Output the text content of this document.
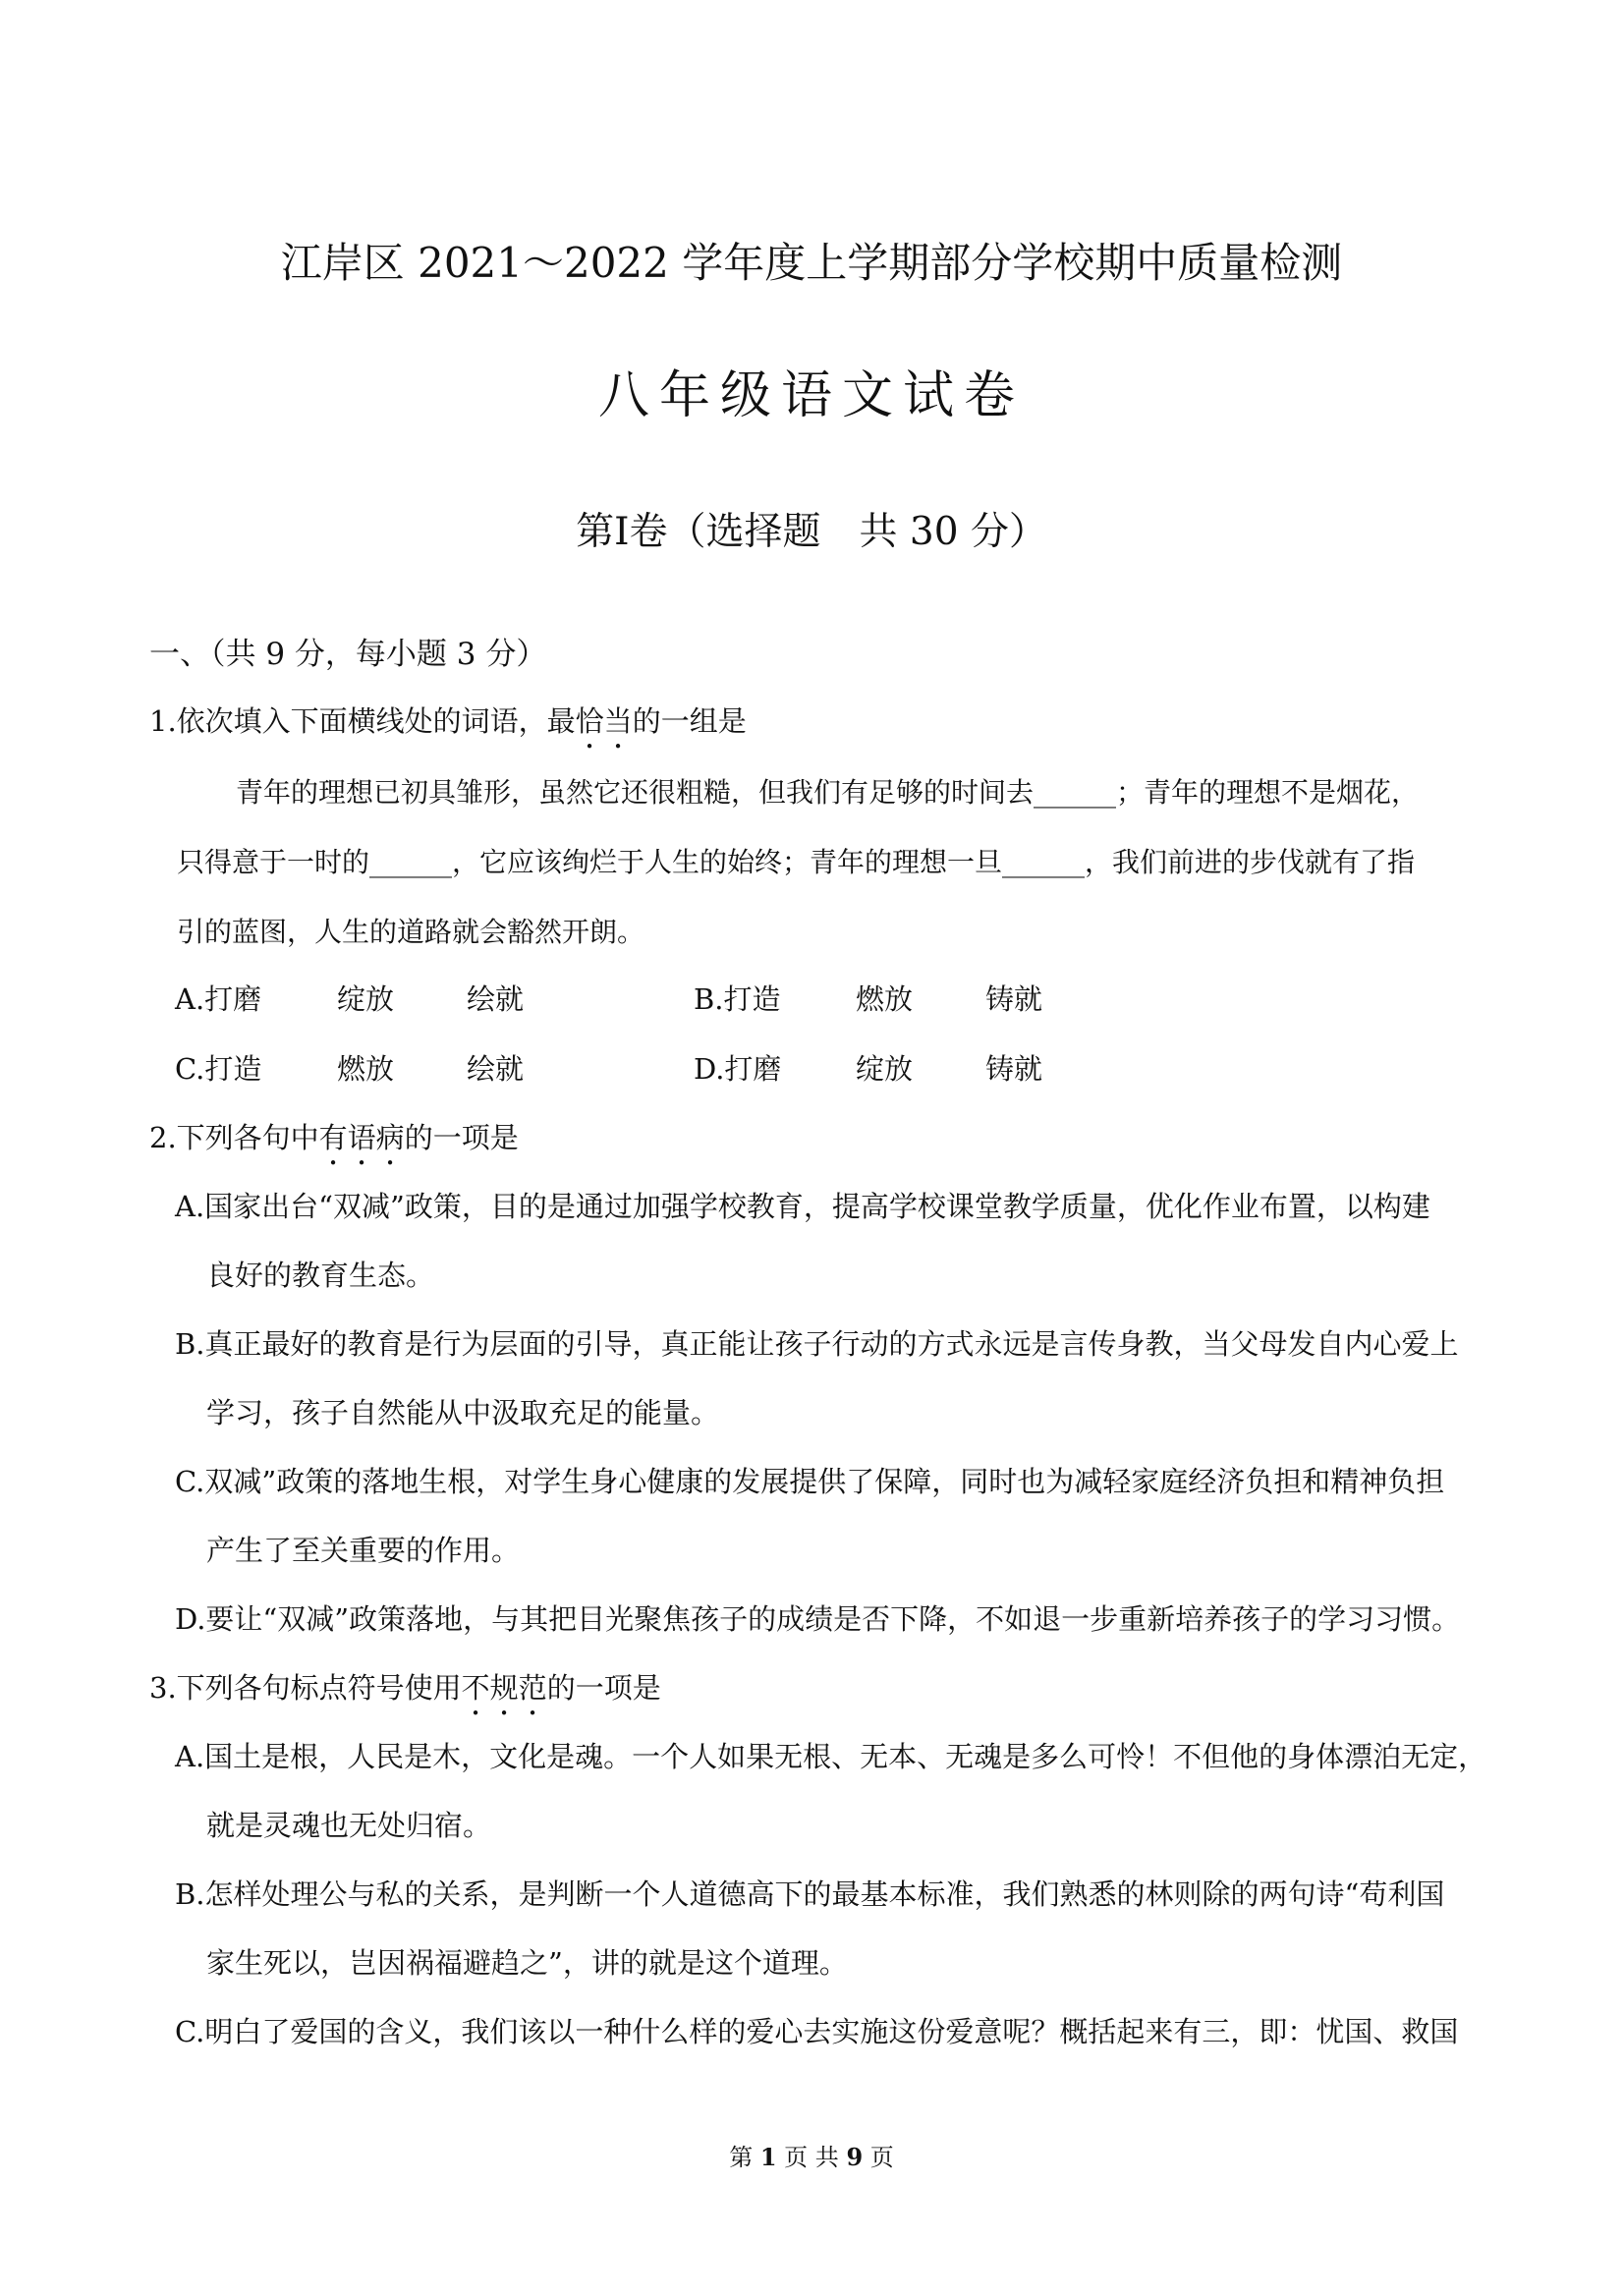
江岸区 2021～2022 学年度上学期部分学校期中质量检测
八年级语文试卷
第Ⅰ卷（选择题　共 30 分）
一、（共 9 分，每小题 3 分）
1.依次填入下面横线处的词语，最恰当的一组是
青年的理想已初具雏形，虽然它还很粗糙，但我们有足够的时间去______；青年的理想不是烟花，
只得意于一时的______，它应该绚烂于人生的始终；青年的理想一旦______，我们前进的步伐就有了指
引的蓝图，人生的道路就会豁然开朗。
A.打磨	绽放	绘就	B.打造	燃放	铸就
C.打造	燃放	绘就	D.打磨	绽放	铸就
2.下列各句中有语病的一项是
A.国家出台“双减”政策，目的是通过加强学校教育，提高学校课堂教学质量，优化作业布置，以构建
良好的教育生态。
B.真正最好的教育是行为层面的引导，真正能让孩子行动的方式永远是言传身教，当父母发自内心爱上
学习，孩子自然能从中汲取充足的能量。
C.双减”政策的落地生根，对学生身心健康的发展提供了保障，同时也为减轻家庭经济负担和精神负担
产生了至关重要的作用。
D.要让“双减”政策落地，与其把目光聚焦孩子的成绩是否下降，不如退一步重新培养孩子的学习习惯。
3.下列各句标点符号使用不规范的一项是
A.国土是根，人民是木，文化是魂。一个人如果无根、无本、无魂是多么可怜！不但他的身体漂泊无定，
就是灵魂也无处归宿。
B.怎样处理公与私的关系，是判断一个人道德高下的最基本标准，我们熟悉的林则除的两句诗“苟利国
家生死以，岂因祸福避趋之”，讲的就是这个道理。
C.明白了爱国的含义，我们该以一种什么样的爱心去实施这份爱意呢？概括起来有三，即：忧国、救国
第 1 页 共 9 页
